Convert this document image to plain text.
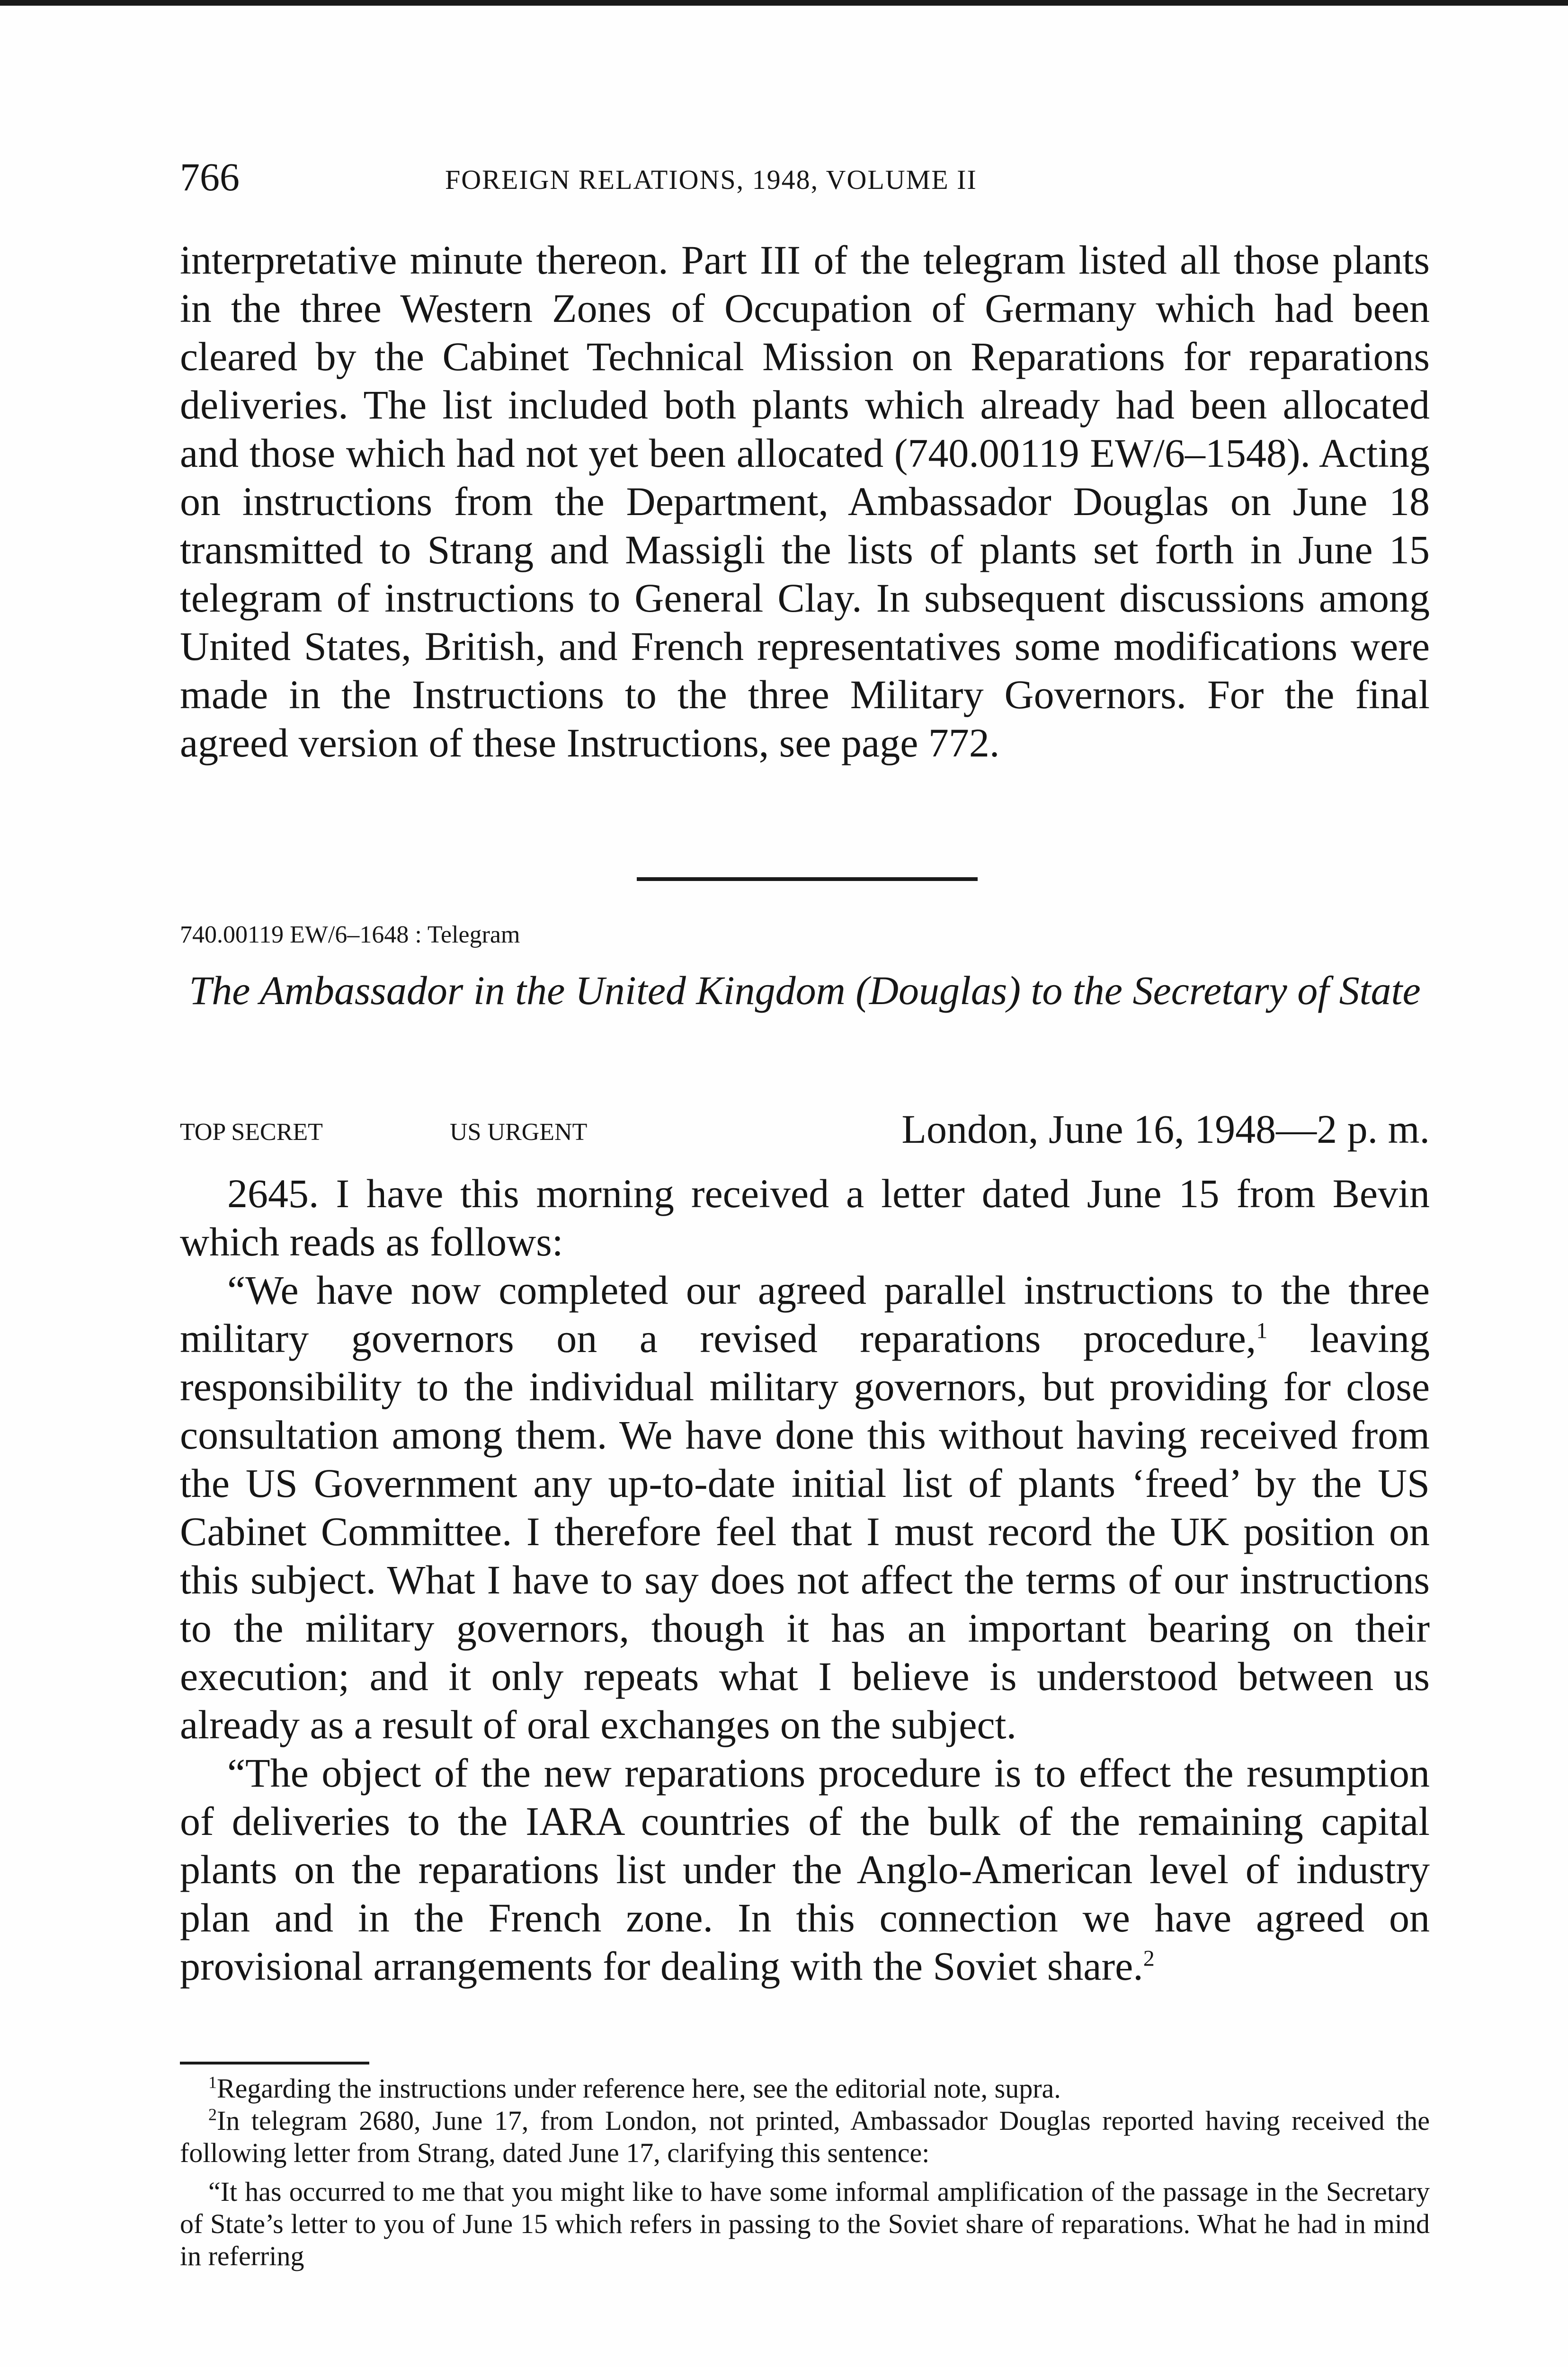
766	FOREIGN RELATIONS, 1948, VOLUME II

interpretative minute thereon. Part III of the telegram listed all those plants in the three Western Zones of Occupation of Germany which had been cleared by the Cabinet Technical Mission on Reparations for reparations deliveries. The list included both plants which already had been allocated and those which had not yet been allocated (740.00119 EW/6–1548). Acting on instructions from the Department, Ambassador Douglas on June 18 transmitted to Strang and Massigli the lists of plants set forth in June 15 telegram of instructions to General Clay. In subsequent discussions among United States, British, and French representatives some modifications were made in the Instructions to the three Military Governors. For the final agreed version of these Instructions, see page 772.

740.00119 EW/6–1648 : Telegram
The Ambassador in the United Kingdom (Douglas) to the Secretary of State
TOP SECRET	US URGENT	London, June 16, 1948—2 p. m.

2645. I have this morning received a letter dated June 15 from Bevin which reads as follows:

“We have now completed our agreed parallel instructions to the three military governors on a revised reparations procedure,$^1$ leaving responsibility to the individual military governors, but providing for close consultation among them. We have done this without having received from the US Government any up-to-date initial list of plants ‘freed’ by the US Cabinet Committee. I therefore feel that I must record the UK position on this subject. What I have to say does not affect the terms of our instructions to the military governors, though it has an important bearing on their execution; and it only repeats what I believe is understood between us already as a result of oral exchanges on the subject.

“The object of the new reparations procedure is to effect the resumption of deliveries to the IARA countries of the bulk of the remaining capital plants on the reparations list under the Anglo-American level of industry plan and in the French zone. In this connection we have agreed on provisional arrangements for dealing with the Soviet share.$^2$

$^1$Regarding the instructions under reference here, see the editorial note, supra.

$^2$In telegram 2680, June 17, from London, not printed, Ambassador Douglas reported having received the following letter from Strang, dated June 17, clarifying this sentence:

“It has occurred to me that you might like to have some informal amplification of the passage in the Secretary of State’s letter to you of June 15 which refers in passing to the Soviet share of reparations. What he had in mind in referring
